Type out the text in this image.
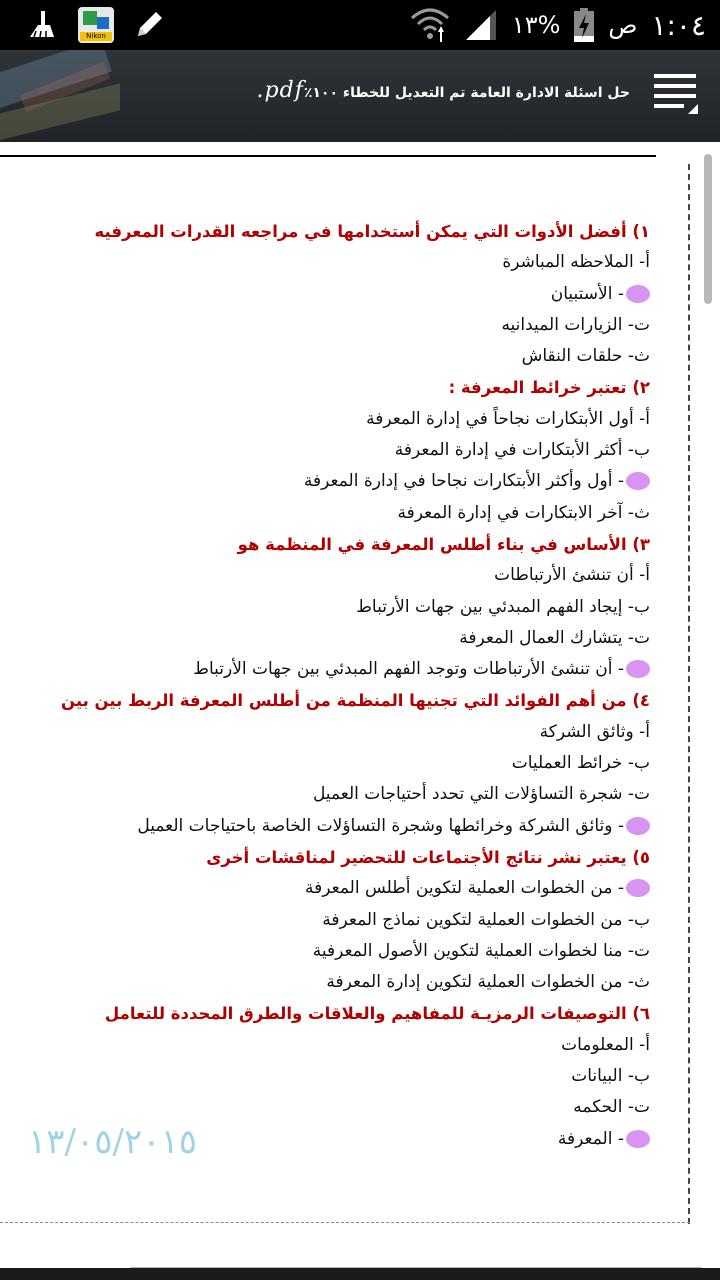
Nikon	١٣% ص ١:٠٤
حل اسئلة الادارة العامة تم التعديل للخطاء ١٠٠٪pdf.
١) أفضل الأدوات التي يمكن أستخدامها في مراجعه القدرات المعرفيه
أ- الملاحظه المباشرة
- الأستبيان
ت- الزيارات الميدانيه
ث- حلقات النقاش
٢) تعتبر خرائط المعرفة :
أ- أول الأبتكارات نجاحاً في إدارة المعرفة
ب- أكثر الأبتكارات في إدارة المعرفة
- أول وأكثر الأبتكارات نجاحا في إدارة المعرفة
ث- آخر الابتكارات في إدارة المعرفة
٣) الأساس في بناء أطلس المعرفة في المنظمة هو
أ- أن تنشئ الأرتباطات
ب- إيجاد الفهم المبدئي بين جهات الأرتباط
ت- يتشارك العمال المعرفة
- أن تنشئ الأرتباطات وتوجد الفهم المبدئي بين جهات الأرتباط
٤) من أهم الفوائد التي تجنيها المنظمة من أطلس المعرفة الربط بين بين
أ- وثائق الشركة
ب- خرائط العمليات
ت- شجرة التساؤلات التي تحدد أحتياجات العميل
- وثائق الشركة وخرائطها وشجرة التساؤلات الخاصة باحتياجات العميل
٥) يعتبر نشر نتائج الأجتماعات للتحضير لمناقشات أخرى
- من الخطوات العملية لتكوين أطلس المعرفة
ب- من الخطوات العملية لتكوين نماذج المعرفة
ت- منا لخطوات العملية لتكوين الأصول المعرفية
ث- من الخطوات العملية لتكوين إدارة المعرفة
٦) التوصيفات الرمزيـة للمفاهيم والعلاقات والطرق المحددة للتعامل
أ- المعلومات
ب- البيانات
ت- الحكمه
- المعرفة
١٣/٠٥/٢٠١٥
